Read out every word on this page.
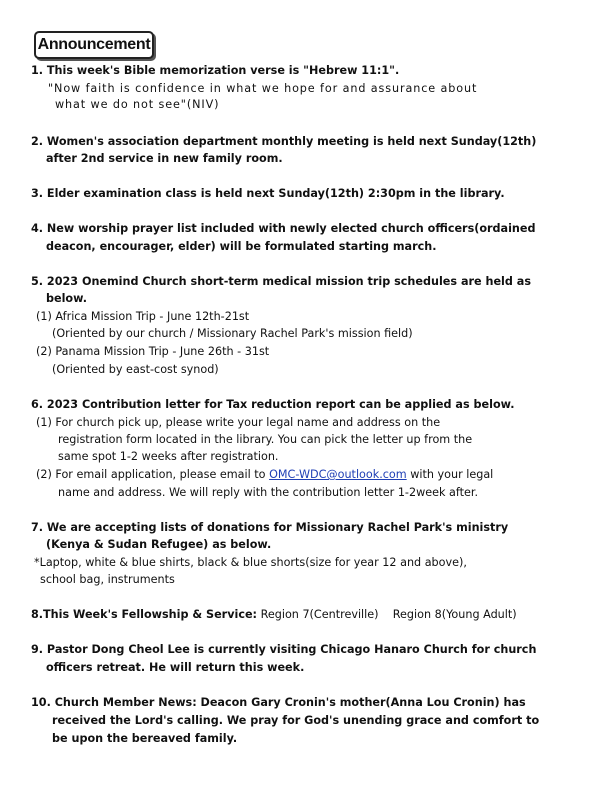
Announcement
1. This week's Bible memorization verse is "Hebrew 11:1".
"Now faith is confidence in what we hope for and assurance about
what we do not see"(NIV)
2. Women's association department monthly meeting is held next Sunday(12th)
after 2nd service in new family room.
3. Elder examination class is held next Sunday(12th) 2:30pm in the library.
4. New worship prayer list included with newly elected church officers(ordained
deacon, encourager, elder) will be formulated starting march.
5. 2023 Onemind Church short-term medical mission trip schedules are held as
below.
(1) Africa Mission Trip - June 12th-21st
(Oriented by our church / Missionary Rachel Park's mission field)
(2) Panama Mission Trip - June 26th - 31st
(Oriented by east-cost synod)
6. 2023 Contribution letter for Tax reduction report can be applied as below.
(1) For church pick up, please write your legal name and address on the
registration form located in the library. You can pick the letter up from the
same spot 1-2 weeks after registration.
(2) For email application, please email to OMC-WDC@outlook.com with your legal
name and address. We will reply with the contribution letter 1-2week after.
7. We are accepting lists of donations for Missionary Rachel Park's ministry
(Kenya & Sudan Refugee) as below.
*Laptop, white & blue shirts, black & blue shorts(size for year 12 and above),
school bag, instruments
8.This Week's Fellowship & Service: Region 7(Centreville)    Region 8(Young Adult)
9. Pastor Dong Cheol Lee is currently visiting Chicago Hanaro Church for church
officers retreat. He will return this week.
10. Church Member News: Deacon Gary Cronin's mother(Anna Lou Cronin) has
received the Lord's calling. We pray for God's unending grace and comfort to
be upon the bereaved family.
